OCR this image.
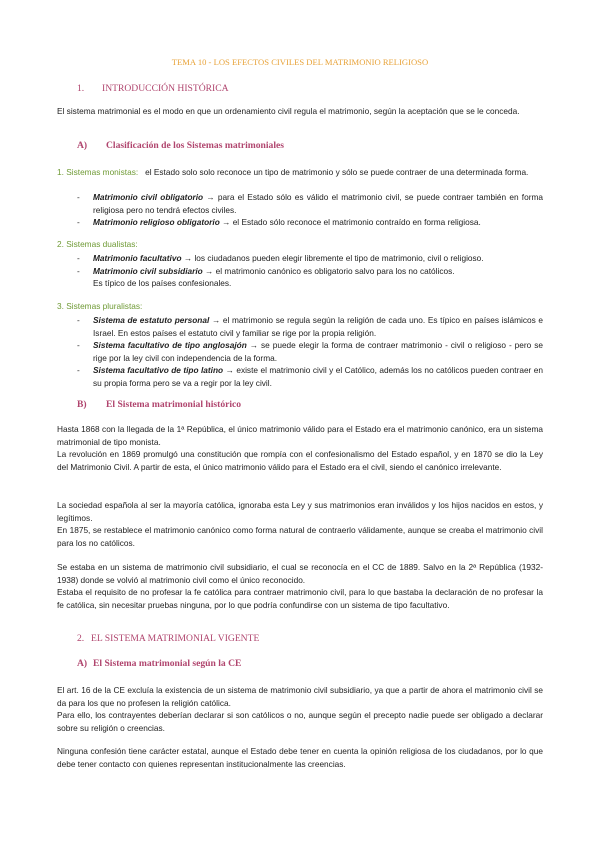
TEMA 10 - LOS EFECTOS CIVILES DEL MATRIMONIO RELIGIOSO
1. INTRODUCCIÓN HISTÓRICA
El sistema matrimonial es el modo en que un ordenamiento civil regula el matrimonio, según la aceptación que se le conceda.
A) Clasificación de los Sistemas matrimoniales
1. Sistemas monistas: el Estado solo solo reconoce un tipo de matrimonio y sólo se puede contraer de una determinada forma.
- Matrimonio civil obligatorio → para el Estado sólo es válido el matrimonio civil, se puede contraer también en forma religiosa pero no tendrá efectos civiles.
- Matrimonio religioso obligatorio → el Estado sólo reconoce el matrimonio contraído en forma religiosa.
2. Sistemas dualistas:
- Matrimonio facultativo → los ciudadanos pueden elegir libremente el tipo de matrimonio, civil o religioso.
- Matrimonio civil subsidiario → el matrimonio canónico es obligatorio salvo para los no católicos.
Es típico de los países confesionales.
3. Sistemas pluralistas:
- Sistema de estatuto personal → el matrimonio se regula según la religión de cada uno. Es típico en países islámicos e Israel. En estos países el estatuto civil y familiar se rige por la propia religión.
- Sistema facultativo de tipo anglosajón → se puede elegir la forma de contraer matrimonio - civil o religioso - pero se rige por la ley civil con independencia de la forma.
- Sistema facultativo de tipo latino → existe el matrimonio civil y el Católico, además los no católicos pueden contraer en su propia forma pero se va a regir por la ley civil.
B) El Sistema matrimonial histórico
Hasta 1868 con la llegada de la 1ª República, el único matrimonio válido para el Estado era el matrimonio canónico, era un sistema matrimonial de tipo monista.
La revolución en 1869 promulgó una constitución que rompía con el confesionalismo del Estado español, y en 1870 se dio la Ley del Matrimonio Civil. A partir de esta, el único matrimonio válido para el Estado era el civil, siendo el canónico irrelevante.
La sociedad española al ser la mayoría católica, ignoraba esta Ley y sus matrimonios eran inválidos y los hijos nacidos en estos, y legítimos.
En 1875, se restablece el matrimonio canónico como forma natural de contraerlo válidamente, aunque se creaba el matrimonio civil para los no católicos.
Se estaba en un sistema de matrimonio civil subsidiario, el cual se reconocía en el CC de 1889. Salvo en la 2ª República (1932-1938) donde se volvió al matrimonio civil como el único reconocido.
Estaba el requisito de no profesar la fe católica para contraer matrimonio civil, para lo que bastaba la declaración de no profesar la fe católica, sin necesitar pruebas ninguna, por lo que podría confundirse con un sistema de tipo facultativo.
2. EL SISTEMA MATRIMONIAL VIGENTE
A) El Sistema matrimonial según la CE
El art. 16 de la CE excluía la existencia de un sistema de matrimonio civil subsidiario, ya que a partir de ahora el matrimonio civil se da para los que no profesen la religión católica.
Para ello, los contrayentes deberían declarar si son católicos o no, aunque según el precepto nadie puede ser obligado a declarar sobre su religión o creencias.
Ninguna confesión tiene carácter estatal, aunque el Estado debe tener en cuenta la opinión religiosa de los ciudadanos, por lo que debe tener contacto con quienes representan institucionalmente las creencias.
